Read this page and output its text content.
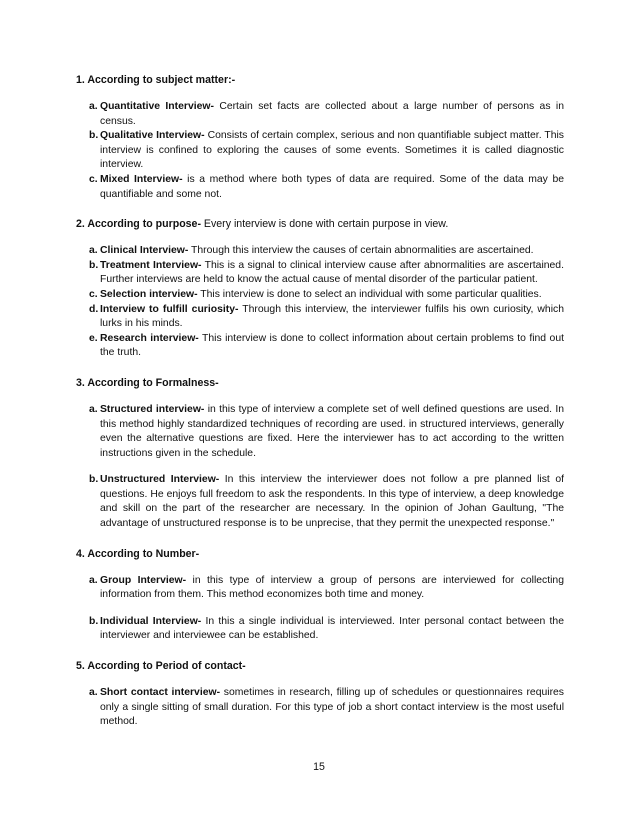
1. According to subject matter:-

a. Quantitative Interview- Certain set facts are collected about a large number of persons as in census.
b. Qualitative Interview- Consists of certain complex, serious and non quantifiable subject matter. This interview is confined to exploring the causes of some events. Sometimes it is called diagnostic interview.
c. Mixed Interview- is a method where both types of data are required. Some of the data may be quantifiable and some not.

2. According to purpose- Every interview is done with certain purpose in view.

a. Clinical Interview- Through this interview the causes of certain abnormalities are ascertained.
b. Treatment Interview- This is a signal to clinical interview cause after abnormalities are ascertained. Further interviews are held to know the actual cause of mental disorder of the particular patient.
c. Selection interview- This interview is done to select an individual with some particular qualities.
d. Interview to fulfill curiosity- Through this interview, the interviewer fulfils his own curiosity, which lurks in his minds.
e. Research interview- This interview is done to collect information about certain problems to find out the truth.

3. According to Formalness-

a. Structured interview- in this type of interview a complete set of well defined questions are used. In this method highly standardized techniques of recording are used. in structured interviews, generally even the alternative questions are fixed. Here the interviewer has to act according to the written instructions given in the schedule.
b. Unstructured Interview- In this interview the interviewer does not follow a pre planned list of questions. He enjoys full freedom to ask the respondents. In this type of interview, a deep knowledge and skill on the part of the researcher are necessary. In the opinion of Johan Gaultung, "The advantage of unstructured response is to be unprecise, that they permit the unexpected response."

4. According to Number-

a. Group Interview- in this type of interview a group of persons are interviewed for collecting information from them. This method economizes both time and money.
b. Individual Interview- In this a single individual is interviewed. Inter personal contact between the interviewer and interviewee can be established.

5. According to Period of contact-

a. Short contact interview- sometimes in research, filling up of schedules or questionnaires requires only a single sitting of small duration. For this type of job a short contact interview is the most useful method.
15
